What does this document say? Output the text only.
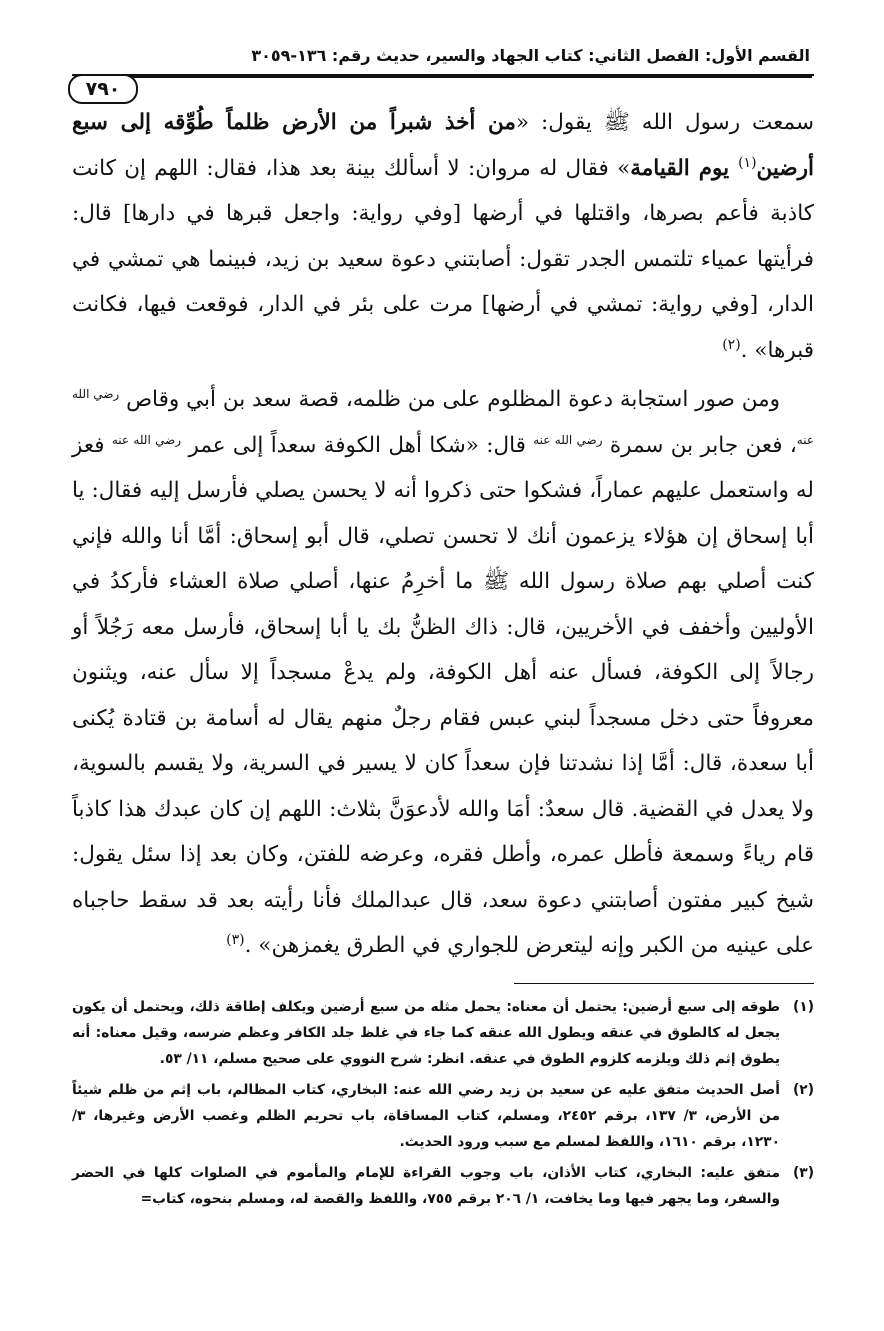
القسم الأول: الفصل الثاني: كتاب الجهاد والسير، حديث رقم: ١٣٦-٣٠٥٩
٧٩٠

سمعت رسول الله ﷺ يقول: «من أخذ شبراً من الأرض ظلماً طُوِّقه إلى سبع أرضين$^{(١)}$ يوم القيامة» فقال له مروان: لا أسألك بينة بعد هذا، فقال: اللهم إن كانت كاذبة فأعم بصرها، واقتلها في أرضها [وفي رواية: واجعل قبرها في دارها] قال: فرأيتها عمياء تلتمس الجدر تقول: أصابتني دعوة سعيد بن زيد، فبينما هي تمشي في الدار، [وفي رواية: تمشي في أرضها] مرت على بئر في الدار، فوقعت فيها، فكانت قبرها» .$^{(٢)}$

ومن صور استجابة دعوة المظلوم على من ظلمه، قصة سعد بن أبي وقاص $^{رضي الله عنه}$، فعن جابر بن سمرة $^{رضي الله عنه}$ قال: «شكا أهل الكوفة سعداً إلى عمر $^{رضي الله عنه}$ فعز له واستعمل عليهم عماراً، فشكوا حتى ذكروا أنه لا يحسن يصلي فأرسل إليه فقال: يا أبا إسحاق إن هؤلاء يزعمون أنك لا تحسن تصلي، قال أبو إسحاق: أمَّا أنا والله فإني كنت أصلي بهم صلاة رسول الله ﷺ ما أخرِمُ عنها، أصلي صلاة العشاء فأركدُ في الأوليين وأخفف في الأخريين، قال: ذاك الظنُّ بك يا أبا إسحاق، فأرسل معه رَجُلاً أو رجالاً إلى الكوفة، فسأل عنه أهل الكوفة، ولم يدعْ مسجداً إلا سأل عنه، ويثنون معروفاً حتى دخل مسجداً لبني عبس فقام رجلٌ منهم يقال له أسامة بن قتادة يُكنى أبا سعدة، قال: أمَّا إذا نشدتنا فإن سعداً كان لا يسير في السرية، ولا يقسم بالسوية، ولا يعدل في القضية. قال سعدٌ: أمَا والله لأدعوَنَّ بثلاث: اللهم إن كان عبدك هذا كاذباً قام رياءً وسمعة فأطل عمره، وأطل فقره، وعرضه للفتن، وكان بعد إذا سئل يقول: شيخ كبير مفتون أصابتني دعوة سعد، قال عبدالملك فأنا رأيته بعد قد سقط حاجباه على عينيه من الكبر وإنه ليتعرض للجواري في الطرق يغمزهن» .$^{(٣)}$

(١)
طوقه إلى سبع أرضين: يحتمل أن معناه: يحمل مثله من سبع أرضين ويكلف إطاقة ذلك، ويحتمل أن يكون يجعل له كالطوق في عنقه ويطول الله عنقه كما جاء في غلظ جلد الكافر وعظم ضرسه، وقيل معناه: أنه يطوق إثم ذلك ويلزمه كلزوم الطوق في عنقه. انظر: شرح النووي على صحيح مسلم، ١١/ ٥٣.
(٢)
أصل الحديث متفق عليه عن سعيد بن زيد رضي الله عنه: البخاري، كتاب المظالم، باب إثم من ظلم شيئاً من الأرض، ٣/ ١٣٧، برقم ٢٤٥٢، ومسلم، كتاب المساقاة، باب تحريم الظلم وغصب الأرض وغيرها، ٣/ ١٢٣٠، برقم ١٦١٠، واللفظ لمسلم مع سبب ورود الحديث.
(٣)
متفق عليه: البخاري، كتاب الأذان، باب وجوب القراءة للإمام والمأموم في الصلوات كلها في الحضر والسفر، وما يجهر فيها وما يخافت، ١/ ٢٠٦ برقم ٧٥٥، واللفظ والقصة له، ومسلم بنحوه، كتاب=
